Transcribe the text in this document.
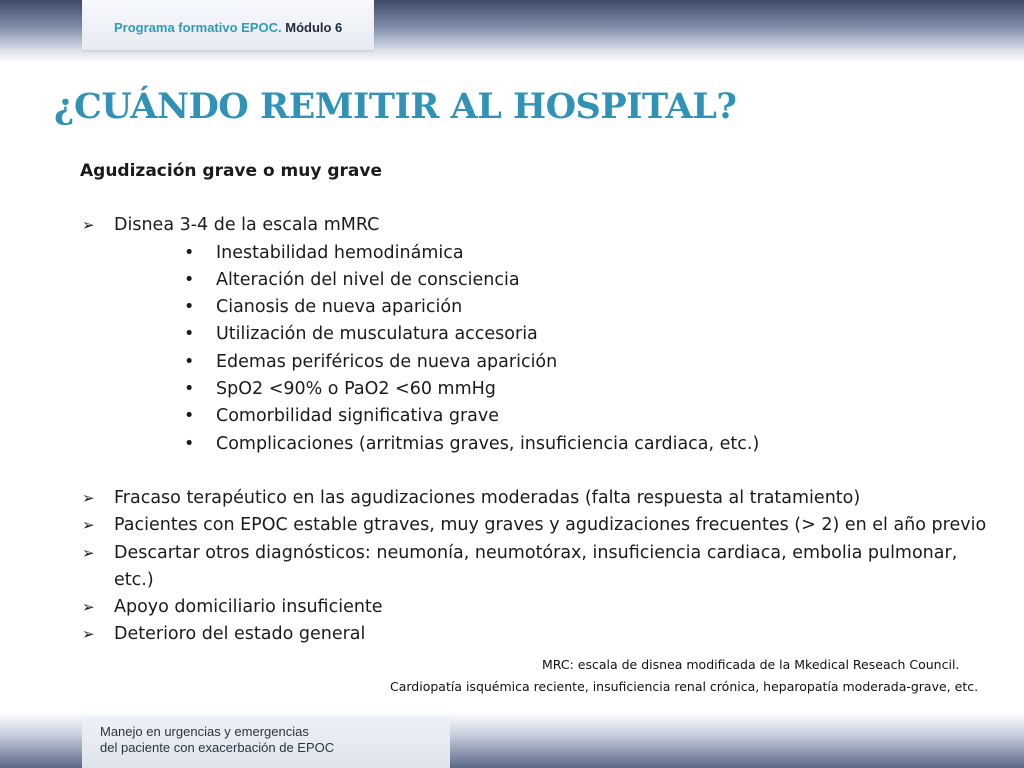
Programa formativo EPOC. Módulo 6
¿CUÁNDO REMITIR AL HOSPITAL?
Agudización grave o muy grave
➢ Disnea 3-4 de la escala mMRC
• Inestabilidad hemodinámica
• Alteración del nivel de consciencia
• Cianosis de nueva aparición
• Utilización de musculatura accesoria
• Edemas periféricos de nueva aparición
• SpO2 <90% o PaO2 <60 mmHg
• Comorbilidad significativa grave
• Complicaciones (arritmias graves, insuficiencia cardiaca, etc.)
➢ Fracaso terapéutico en las agudizaciones moderadas (falta respuesta al tratamiento)
➢ Pacientes con EPOC estable gtraves, muy graves y agudizaciones frecuentes (> 2) en el año previo
➢ Descartar otros diagnósticos: neumonía, neumotórax, insuficiencia cardiaca, embolia pulmonar, etc.)
➢ Apoyo domiciliario insuficiente
➢ Deterioro del estado general
MRC: escala de disnea modificada de la Mkedical Reseach Council.
Cardiopatía isquémica reciente, insuficiencia renal crónica, heparopatía moderada-grave, etc.
Manejo en urgencias y emergencias
del paciente con exacerbación de EPOC
